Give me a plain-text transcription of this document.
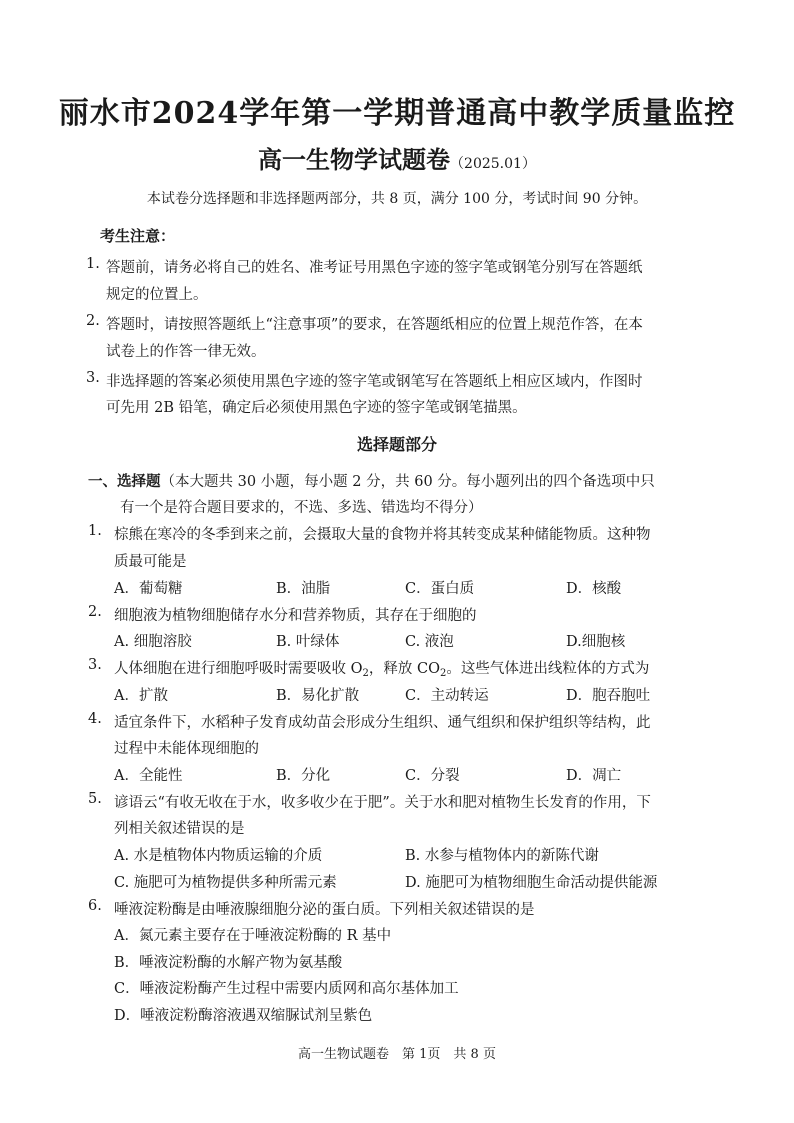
丽水市2024学年第一学期普通高中教学质量监控
高一生物学试题卷（2025.01）
本试卷分选择题和非选择题两部分，共 8 页，满分 100 分，考试时间 90 分钟。
考生注意：
1. 答题前，请务必将自己的姓名、准考证号用黑色字迹的签字笔或钢笔分别写在答题纸
规定的位置上。
2. 答题时，请按照答题纸上“注意事项”的要求，在答题纸相应的位置上规范作答，在本
试卷上的作答一律无效。
3. 非选择题的答案必须使用黑色字迹的签字笔或钢笔写在答题纸上相应区域内，作图时
可先用 2B 铅笔，确定后必须使用黑色字迹的签字笔或钢笔描黑。
选择题部分
一、选择题（本大题共 30 小题，每小题 2 分，共 60 分。每小题列出的四个备选项中只
有一个是符合题目要求的，不选、多选、错选均不得分）
1. 棕熊在寒冷的冬季到来之前，会摄取大量的食物并将其转变成某种储能物质。这种物
质最可能是
A．葡萄糖	B．油脂	C．蛋白质	D．核酸
2. 细胞液为植物细胞储存水分和营养物质，其存在于细胞的
A. 细胞溶胶	B. 叶绿体	C. 液泡	D.细胞核
3. 人体细胞在进行细胞呼吸时需要吸收 $O_2$，释放 $CO_2$。这些气体进出线粒体的方式为
A．扩散	B．易化扩散	C．主动转运	D．胞吞胞吐
4. 适宜条件下，水稻种子发育成幼苗会形成分生组织、通气组织和保护组织等结构，此
过程中未能体现细胞的
A．全能性	B．分化	C．分裂	D．凋亡
5. 谚语云“有收无收在于水，收多收少在于肥”。关于水和肥对植物生长发育的作用，下
列相关叙述错误的是
A. 水是植物体内物质运输的介质	B. 水参与植物体内的新陈代谢
C. 施肥可为植物提供多种所需元素	D. 施肥可为植物细胞生命活动提供能源
6. 唾液淀粉酶是由唾液腺细胞分泌的蛋白质。下列相关叙述错误的是
A．氮元素主要存在于唾液淀粉酶的 R 基中
B．唾液淀粉酶的水解产物为氨基酸
C．唾液淀粉酶产生过程中需要内质网和高尔基体加工
D．唾液淀粉酶溶液遇双缩脲试剂呈紫色
高一生物试题卷　第 1页　共 8 页
